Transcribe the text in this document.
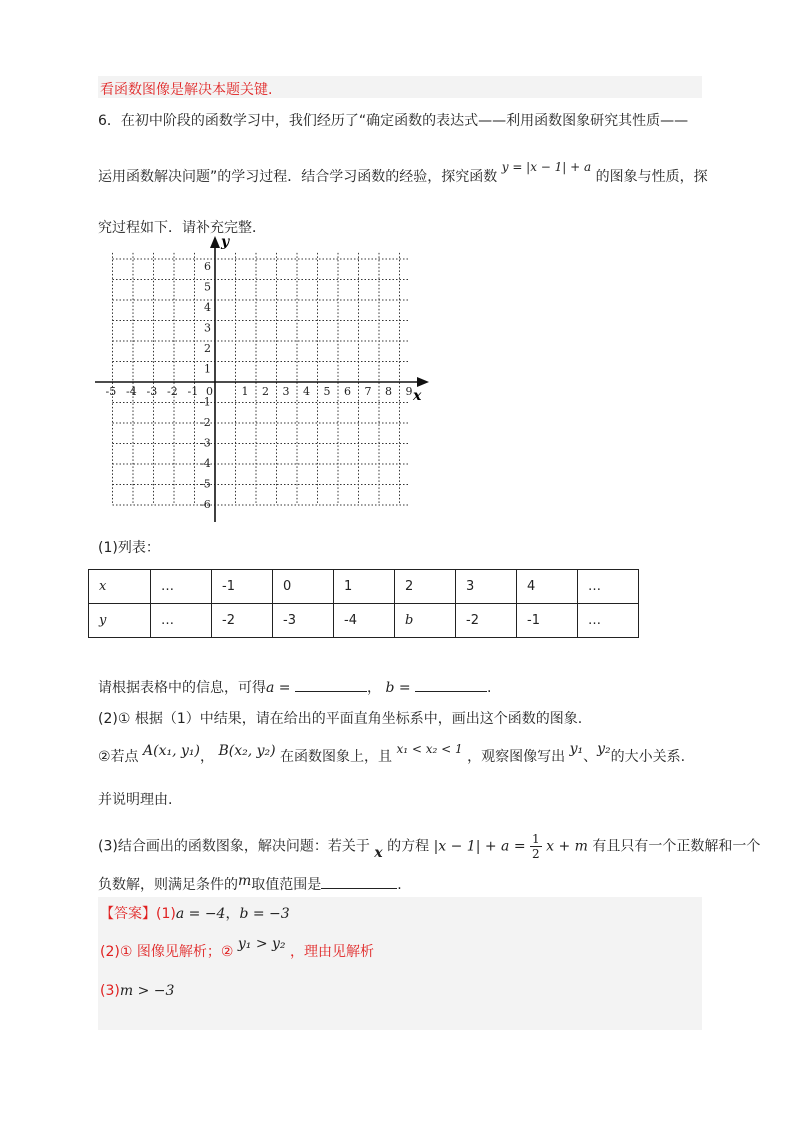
看函数图像是解决本题关键.
6．在初中阶段的函数学习中，我们经历了“确定函数的表达式——利用函数图象研究其性质——
运用函数解决问题”的学习过程．结合学习函数的经验，探究函数 y = |x − 1| + a 的图象与性质，探
究过程如下．请补充完整．
x
y
-5 -4 -3 -2 -1 0	1 2 3 4 5 6 7 8 9
6
5
4
3
2
1
-1
-2
-3
-4
-5
-6
(1)列表：
x	…	-1	0	1	2	3	4	…
y	…	-2	-3	-4	b	-2	-1	…
请根据表格中的信息，可得a =	， b =	.
(2)① 根据（1）中结果，请在给出的平面直角坐标系中，画出这个函数的图象.
②若点 A(x₁, y₁)， B(x₂, y₂) 在函数图象上，且 x₁ < x₂ < 1 ，观察图像写出 y₁、y₂的大小关系.
并说明理由.
(3)结合画出的函数图象，解决问题：若关于 x 的方程 $|x - 1| + a = \frac{1}{2}$ x + m 有且只有一个正数解和一个
负数解，则满足条件的m取值范围是	.
【答案】(1)a = −4，b = −3
(2)① 图像见解析；② y₁ > y₂ ，理由见解析
(3)m > −3
